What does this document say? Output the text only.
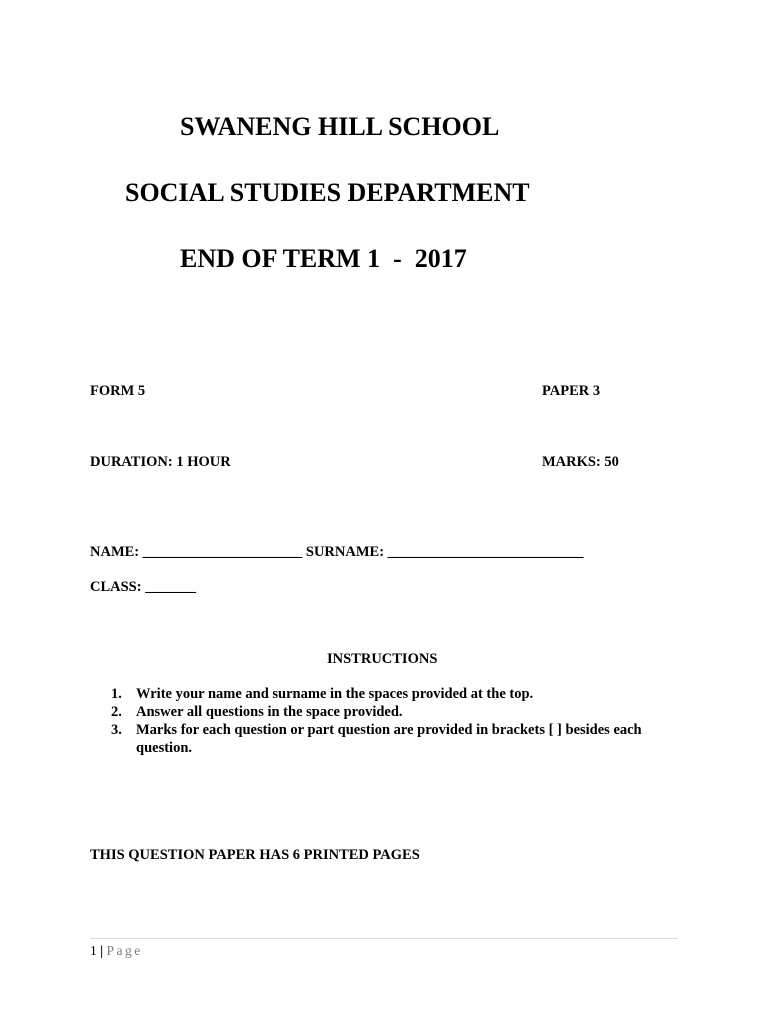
SWANENG HILL SCHOOL
SOCIAL STUDIES DEPARTMENT
END OF TERM 1  -  2017
FORM 5	PAPER 3
DURATION: 1 HOUR	MARKS: 50
NAME: ______________________ SURNAME: ___________________________
CLASS: _______
INSTRUCTIONS
1. Write your name and surname in the spaces provided at the top.
2. Answer all questions in the space provided.
3. Marks for each question or part question are provided in brackets [ ] besides each question.
THIS QUESTION PAPER HAS 6 PRINTED PAGES
1 | Page
